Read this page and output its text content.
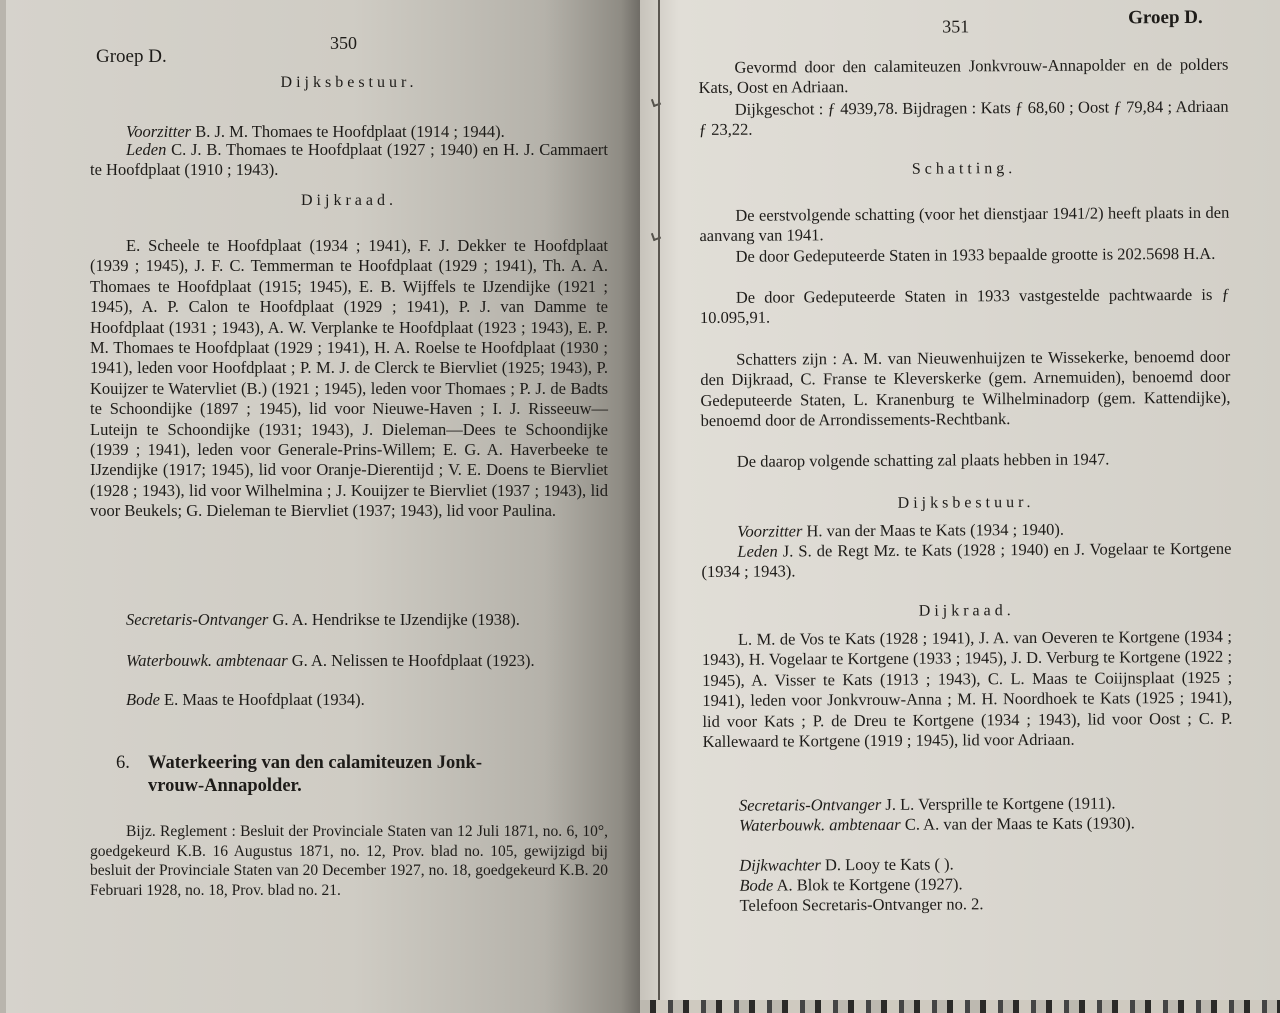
Groep D.
350
Dijksbestuur.
Voorzitter B. J. M. Thomaes te Hoofdplaat (1914 ; 1944).
Leden C. J. B. Thomaes te Hoofdplaat (1927 ; 1940) en H. J. Cammaert te Hoofdplaat (1910 ; 1943).
Dijkraad.
E. Scheele te Hoofdplaat (1934 ; 1941), F. J. Dekker te Hoofdplaat (1939 ; 1945), J. F. C. Temmerman te Hoofdplaat (1929 ; 1941), Th. A. A. Thomaes te Hoofdplaat (1915; 1945), E. B. Wijffels te IJzendijke (1921 ; 1945), A. P. Calon te Hoofdplaat (1929 ; 1941), P. J. van Damme te Hoofdplaat (1931 ; 1943), A. W. Verplanke te Hoofdplaat (1923 ; 1943), E. P. M. Thomaes te Hoofdplaat (1929 ; 1941), H. A. Roelse te Hoofdplaat (1930 ; 1941), leden voor Hoofdplaat ; P. M. J. de Clerck te Biervliet (1925; 1943), P. Kouijzer te Watervliet (B.) (1921 ; 1945), leden voor Thomaes ; P. J. de Badts te Schoondijke (1897 ; 1945), lid voor Nieuwe-Haven ; I. J. Risseeuw—Luteijn te Schoondijke (1931; 1943), J. Dieleman—Dees te Schoondijke (1939 ; 1941), leden voor Generale-Prins-Willem; E. G. A. Haverbeeke te IJzendijke (1917; 1945), lid voor Oranje-Dierentijd ; V. E. Doens te Biervliet (1928 ; 1943), lid voor Wilhelmina ; J. Kouijzer te Biervliet (1937 ; 1943), lid voor Beukels; G. Dieleman te Biervliet (1937; 1943), lid voor Paulina.
Secretaris-Ontvanger G. A. Hendrikse te IJzendijke (1938).
Waterbouwk. ambtenaar G. A. Nelissen te Hoofdplaat (1923).
Bode E. Maas te Hoofdplaat (1934).
6. Waterkeering van den calamiteuzen Jonk-
vrouw-Annapolder.
Bijz. Reglement : Besluit der Provinciale Staten van 12 Juli 1871, no. 6, 10°, goedgekeurd K.B. 16 Augustus 1871, no. 12, Prov. blad no. 105, gewijzigd bij besluit der Provinciale Staten van 20 December 1927, no. 18, goedgekeurd K.B. 20 Februari 1928, no. 18, Prov. blad no. 21.
351	Groep D.
Gevormd door den calamiteuzen Jonkvrouw-Annapolder en de polders Kats, Oost en Adriaan.
Dijkgeschot : ƒ 4939,78. Bijdragen : Kats ƒ 68,60 ; Oost ƒ 79,84 ; Adriaan ƒ 23,22.
Schatting.
De eerstvolgende schatting (voor het dienstjaar 1941/2) heeft plaats in den aanvang van 1941.
De door Gedeputeerde Staten in 1933 bepaalde grootte is 202.5698 H.A.
De door Gedeputeerde Staten in 1933 vastgestelde pachtwaarde is ƒ 10.095,91.
Schatters zijn : A. M. van Nieuwenhuijzen te Wissekerke, benoemd door den Dijkraad, C. Franse te Kleverskerke (gem. Arnemuiden), benoemd door Gedeputeerde Staten, L. Kranenburg te Wilhelminadorp (gem. Kattendijke), benoemd door de Arrondissements-Rechtbank.
De daarop volgende schatting zal plaats hebben in 1947.
Dijksbestuur.
Voorzitter H. van der Maas te Kats (1934 ; 1940).
Leden J. S. de Regt Mz. te Kats (1928 ; 1940) en J. Vogelaar te Kortgene (1934 ; 1943).
Dijkraad.
L. M. de Vos te Kats (1928 ; 1941), J. A. van Oeveren te Kortgene (1934 ; 1943), H. Vogelaar te Kortgene (1933 ; 1945), J. D. Verburg te Kortgene (1922 ; 1945), A. Visser te Kats (1913 ; 1943), C. L. Maas te Coiijnsplaat (1925 ; 1941), leden voor Jonkvrouw-Anna ; M. H. Noordhoek te Kats (1925 ; 1941), lid voor Kats ; P. de Dreu te Kortgene (1934 ; 1943), lid voor Oost ; C. P. Kallewaard te Kortgene (1919 ; 1945), lid voor Adriaan.
Secretaris-Ontvanger J. L. Versprille te Kortgene (1911).
Waterbouwk. ambtenaar C. A. van der Maas te Kats (1930).
Dijkwachter D. Looy te Kats ( ).
Bode A. Blok te Kortgene (1927).
Telefoon Secretaris-Ontvanger no. 2.
